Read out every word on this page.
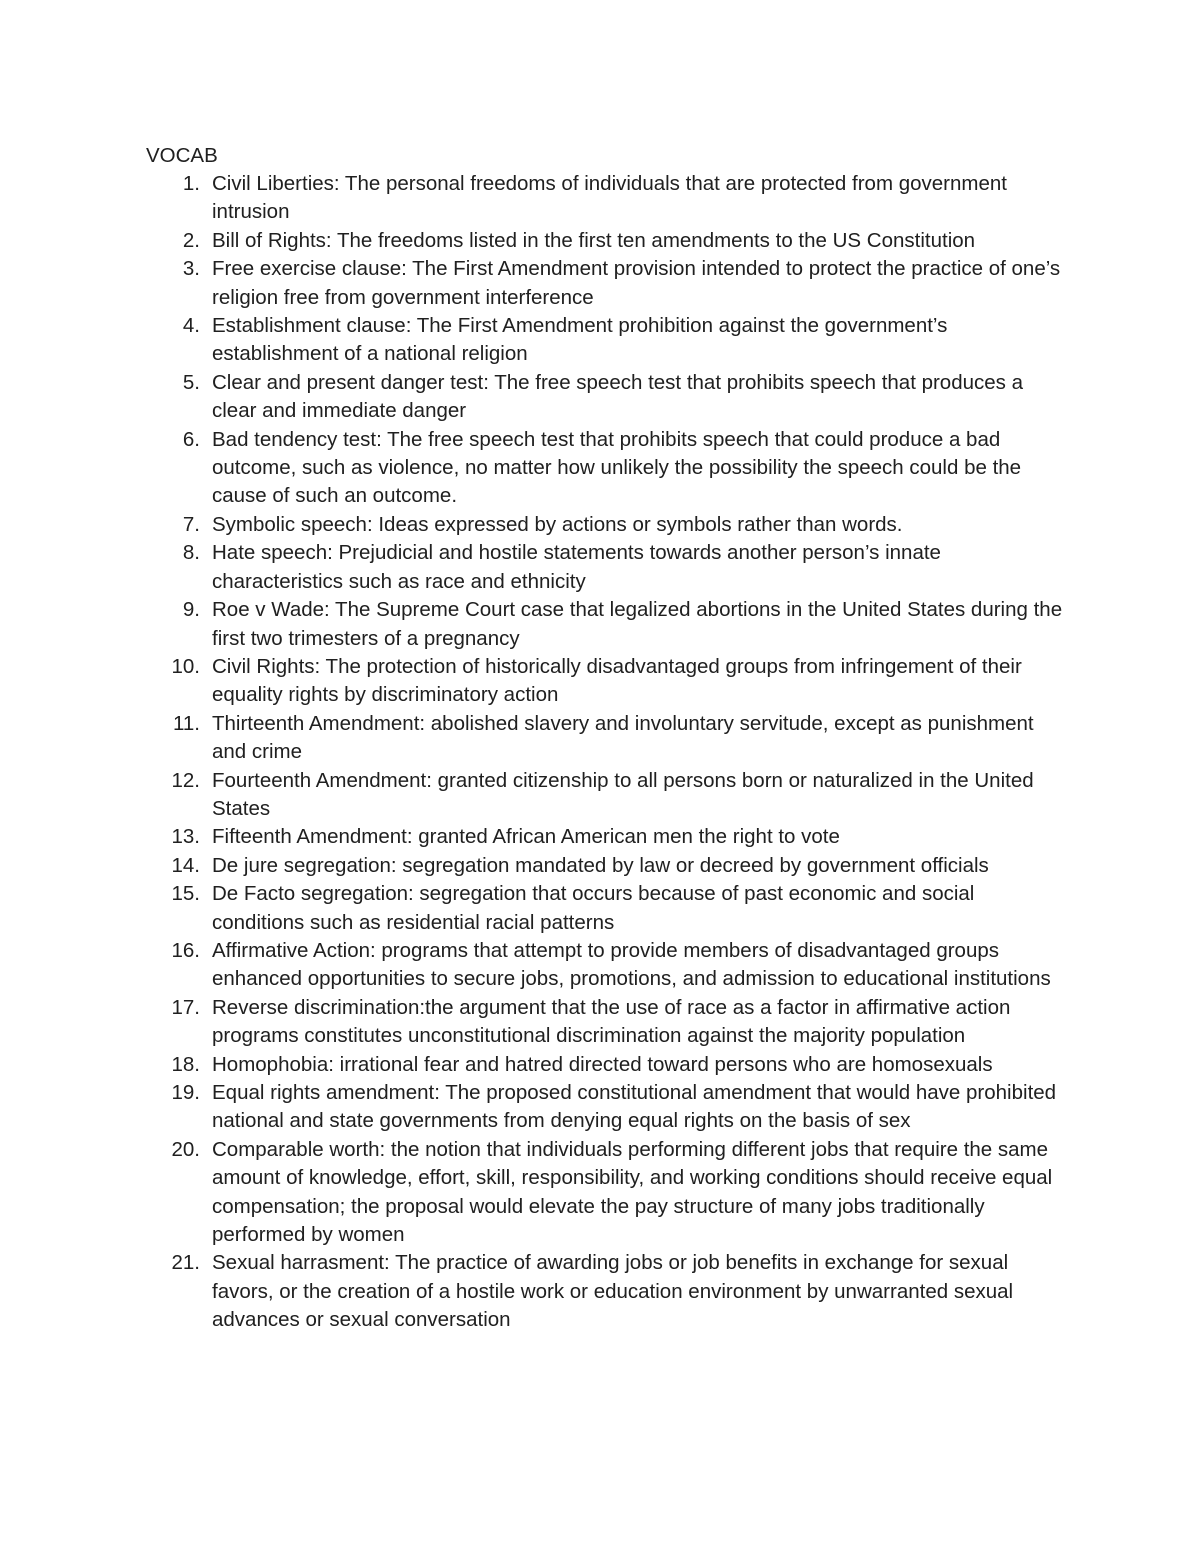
VOCAB
1. Civil Liberties: The personal freedoms of individuals that are protected from government intrusion
2. Bill of Rights: The freedoms listed in the first ten amendments to the US Constitution
3. Free exercise clause: The First Amendment provision intended to protect the practice of one’s religion free from government interference
4. Establishment clause: The First Amendment prohibition against the government’s establishment of a national religion
5. Clear and present danger test: The free speech test that prohibits speech that produces a clear and immediate danger
6. Bad tendency test: The free speech test that prohibits speech that could produce a bad outcome, such as violence, no matter how unlikely the possibility the speech could be the cause of such an outcome.
7. Symbolic speech: Ideas expressed by actions or symbols rather than words.
8. Hate speech: Prejudicial and hostile statements towards another person’s innate characteristics such as race and ethnicity
9. Roe v Wade: The Supreme Court case that legalized abortions in the United States during the first two trimesters of a pregnancy
10. Civil Rights: The protection of historically disadvantaged groups from infringement of their equality rights by discriminatory action
11. Thirteenth Amendment: abolished slavery and involuntary servitude, except as punishment and crime
12. Fourteenth Amendment: granted citizenship to all persons born or naturalized in the United States
13. Fifteenth Amendment: granted African American men the right to vote
14. De jure segregation: segregation mandated by law or decreed by government officials
15. De Facto segregation: segregation that occurs because of past economic and social conditions such as residential racial patterns
16. Affirmative Action: programs that attempt to provide members of disadvantaged groups enhanced opportunities to secure jobs, promotions, and admission to educational institutions
17. Reverse discrimination:the argument that the use of race as a factor in affirmative action programs constitutes unconstitutional discrimination against the majority population
18. Homophobia: irrational fear and hatred directed toward persons who are homosexuals
19. Equal rights amendment: The proposed constitutional amendment that would have prohibited national and state governments from denying equal rights on the basis of sex
20. Comparable worth: the notion that individuals performing different jobs that require the same amount of knowledge, effort, skill, responsibility, and working conditions should receive equal compensation; the proposal would elevate the pay structure of many jobs traditionally performed by women
21. Sexual harrasment: The practice of awarding jobs or job benefits in exchange for sexual favors, or the creation of a hostile work or education environment by unwarranted sexual advances or sexual conversation
